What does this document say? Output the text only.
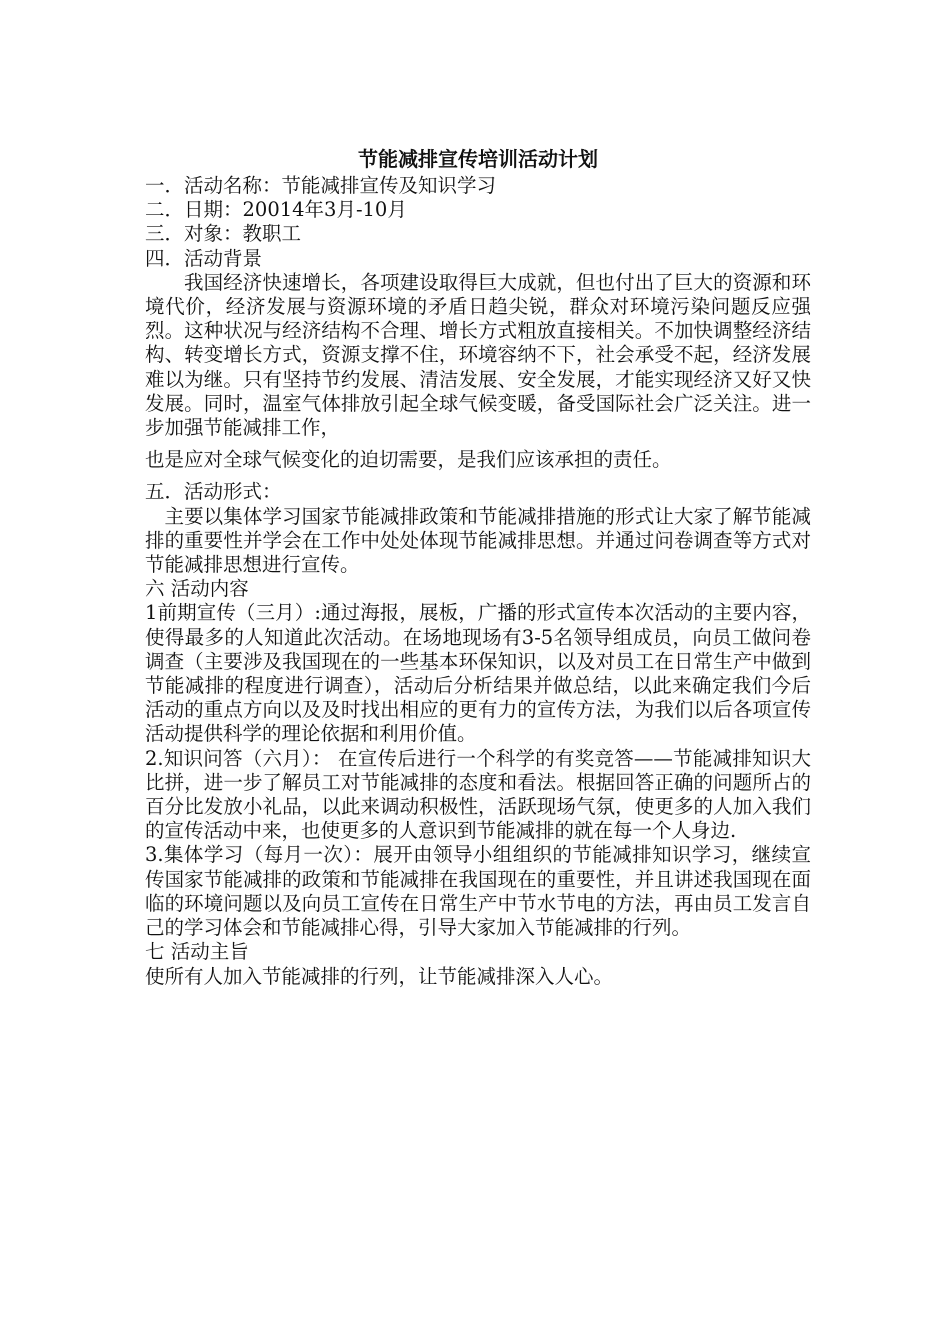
节能减排宣传培训活动计划

一．活动名称：节能减排宣传及知识学习

二．日期：20014年3月-10月

三．对象：教职工

四．活动背景

我国经济快速增长，各项建设取得巨大成就，但也付出了巨大的资源和环境代价，经济发展与资源环境的矛盾日趋尖锐，群众对环境污染问题反应强烈。这种状况与经济结构不合理、增长方式粗放直接相关。不加快调整经济结构、转变增长方式，资源支撑不住，环境容纳不下，社会承受不起，经济发展难以为继。只有坚持节约发展、清洁发展、安全发展，才能实现经济又好又快发展。同时，温室气体排放引起全球气候变暖，备受国际社会广泛关注。进一步加强节能减排工作，

也是应对全球气候变化的迫切需要，是我们应该承担的责任。

五．活动形式：

主要以集体学习国家节能减排政策和节能减排措施的形式让大家了解节能减排的重要性并学会在工作中处处体现节能减排思想。并通过问卷调查等方式对节能减排思想进行宣传。

六 活动内容

1前期宣传（三月）:通过海报，展板，广播的形式宣传本次活动的主要内容，使得最多的人知道此次活动。在场地现场有3-5名领导组成员，向员工做问卷调查（主要涉及我国现在的一些基本环保知识，以及对员工在日常生产中做到节能减排的程度进行调查），活动后分析结果并做总结，以此来确定我们今后活动的重点方向以及及时找出相应的更有力的宣传方法，为我们以后各项宣传活动提供科学的理论依据和利用价值。

2.知识问答（六月）： 在宣传后进行一个科学的有奖竞答——节能减排知识大比拼，进一步了解员工对节能减排的态度和看法。根据回答正确的问题所占的百分比发放小礼品，以此来调动积极性，活跃现场气氛，使更多的人加入我们的宣传活动中来，也使更多的人意识到节能减排的就在每一个人身边.

3.集体学习（每月一次）：展开由领导小组组织的节能减排知识学习，继续宣传国家节能减排的政策和节能减排在我国现在的重要性，并且讲述我国现在面临的环境问题以及向员工宣传在日常生产中节水节电的方法，再由员工发言自己的学习体会和节能减排心得，引导大家加入节能减排的行列。

七 活动主旨

使所有人加入节能减排的行列，让节能减排深入人心。
